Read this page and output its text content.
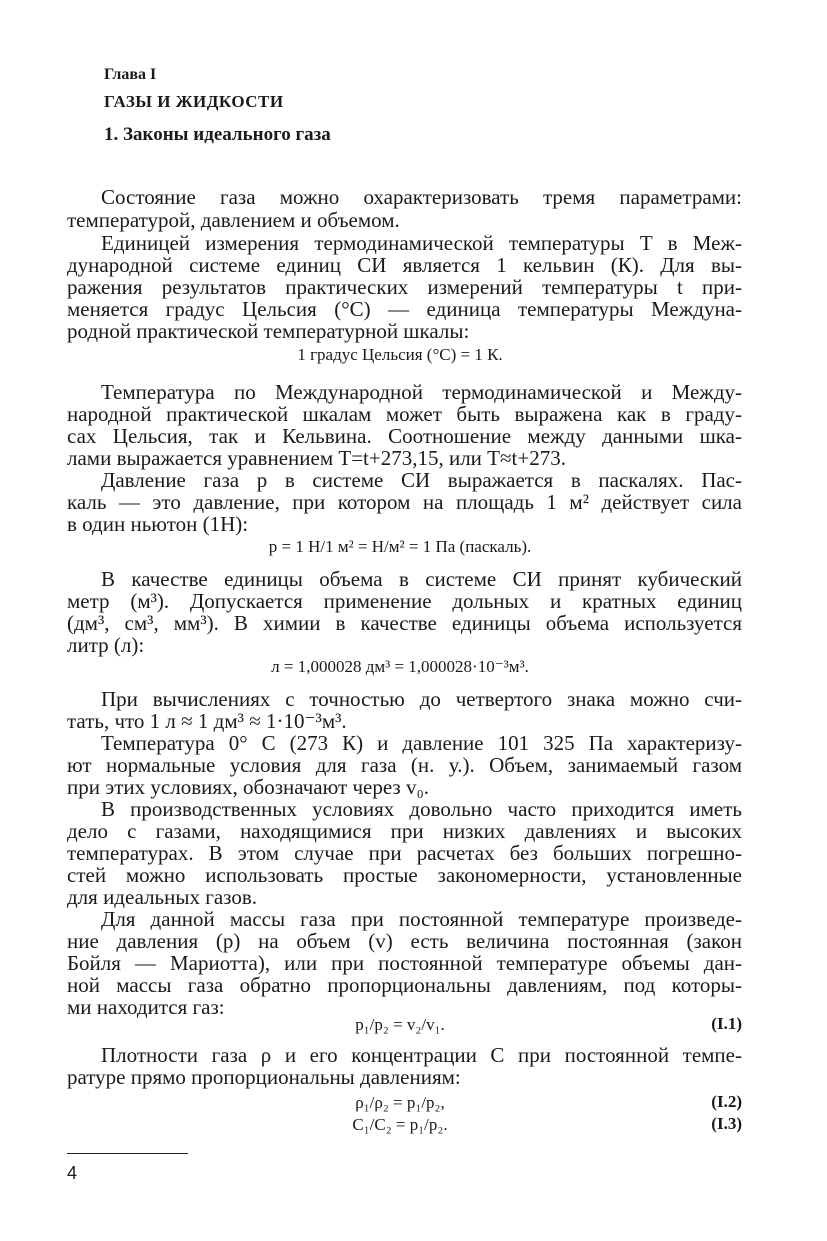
Глава I
ГАЗЫ И ЖИДКОСТИ
1. Законы идеального газа
Состояние газа можно охарактеризовать тремя параметрами:
температурой, давлением и объемом.
Единицей измерения термодинамической температуры T в Меж-
дународной системе единиц СИ является 1 кельвин (К). Для вы-
ражения результатов практических измерений температуры t при-
меняется градус Цельсия (°С) — единица температуры Междуна-
родной практической температурной шкалы:
1 градус Цельсия (°С) = 1 К.
Температура по Международной термодинамической и Между-
народной практической шкалам может быть выражена как в граду-
сах Цельсия, так и Кельвина. Соотношение между данными шка-
лами выражается уравнением T=t+273,15, или T≈t+273.
Давление газа p в системе СИ выражается в паскалях. Пас-
каль — это давление, при котором на площадь 1 м² действует сила
в один ньютон (1Н):
p = 1 Н/1 м² = Н/м² = 1 Па (паскаль).
В качестве единицы объема в системе СИ принят кубический
метр (м³). Допускается применение дольных и кратных единиц
(дм³, см³, мм³). В химии в качестве единицы объема используется
литр (л):
л = 1,000028 дм³ = 1,000028·10⁻³м³.
При вычислениях с точностью до четвертого знака можно счи-
тать, что 1 л ≈ 1 дм³ ≈ 1·10⁻³м³.
Температура 0° С (273 К) и давление 101 325 Па характеризу-
ют нормальные условия для газа (н. у.). Объем, занимаемый газом
при этих условиях, обозначают через v₀.
В производственных условиях довольно часто приходится иметь
дело с газами, находящимися при низких давлениях и высоких
температурах. В этом случае при расчетах без больших погрешно-
стей можно использовать простые закономерности, установленные
для идеальных газов.
Для данной массы газа при постоянной температуре произведе-
ние давления (p) на объем (v) есть величина постоянная (закон
Бойля — Мариотта), или при постоянной температуре объемы дан-
ной массы газа обратно пропорциональны давлениям, под которы-
ми находится газ:
p₁/p₂ = v₂/v₁.	(I.1)
Плотности газа ρ и его концентрации C при постоянной темпе-
ратуре прямо пропорциональны давлениям:
ρ₁/ρ₂ = p₁/p₂,	(I.2)
C₁/C₂ = p₁/p₂.	(I.3)
4
